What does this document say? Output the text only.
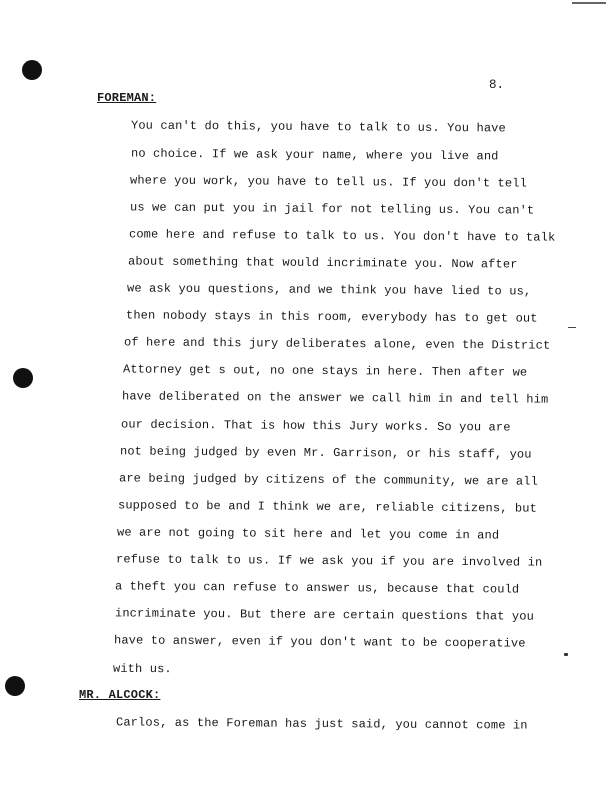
8.
FOREMAN:
You can't do this, you have to talk to us. You have
no choice. If we ask your name, where you live and
where you work, you have to tell us. If you don't tell
us we can put you in jail for not telling us. You can't
come here and refuse to talk to us. You don't have to talk
about something that would incriminate you. Now after
we ask you questions, and we think you have lied to us,
then nobody stays in this room, everybody has to get out
of here and this jury deliberates alone, even the District
Attorney get s out, no one stays in here. Then after we
have deliberated on the answer we call him in and tell him
our decision. That is how this Jury works. So you are
not being judged by even Mr. Garrison, or his staff, you
are being judged by citizens of the community, we are all
supposed to be and I think we are, reliable citizens, but
we are not going to sit here and let you come in and
refuse to talk to us. If we ask you if you are involved in
a theft you can refuse to answer us, because that could
incriminate you. But there are certain questions that you
have to answer, even if you don't want to be cooperative
with us.
MR. ALCOCK:
Carlos, as the Foreman has just said, you cannot come in
